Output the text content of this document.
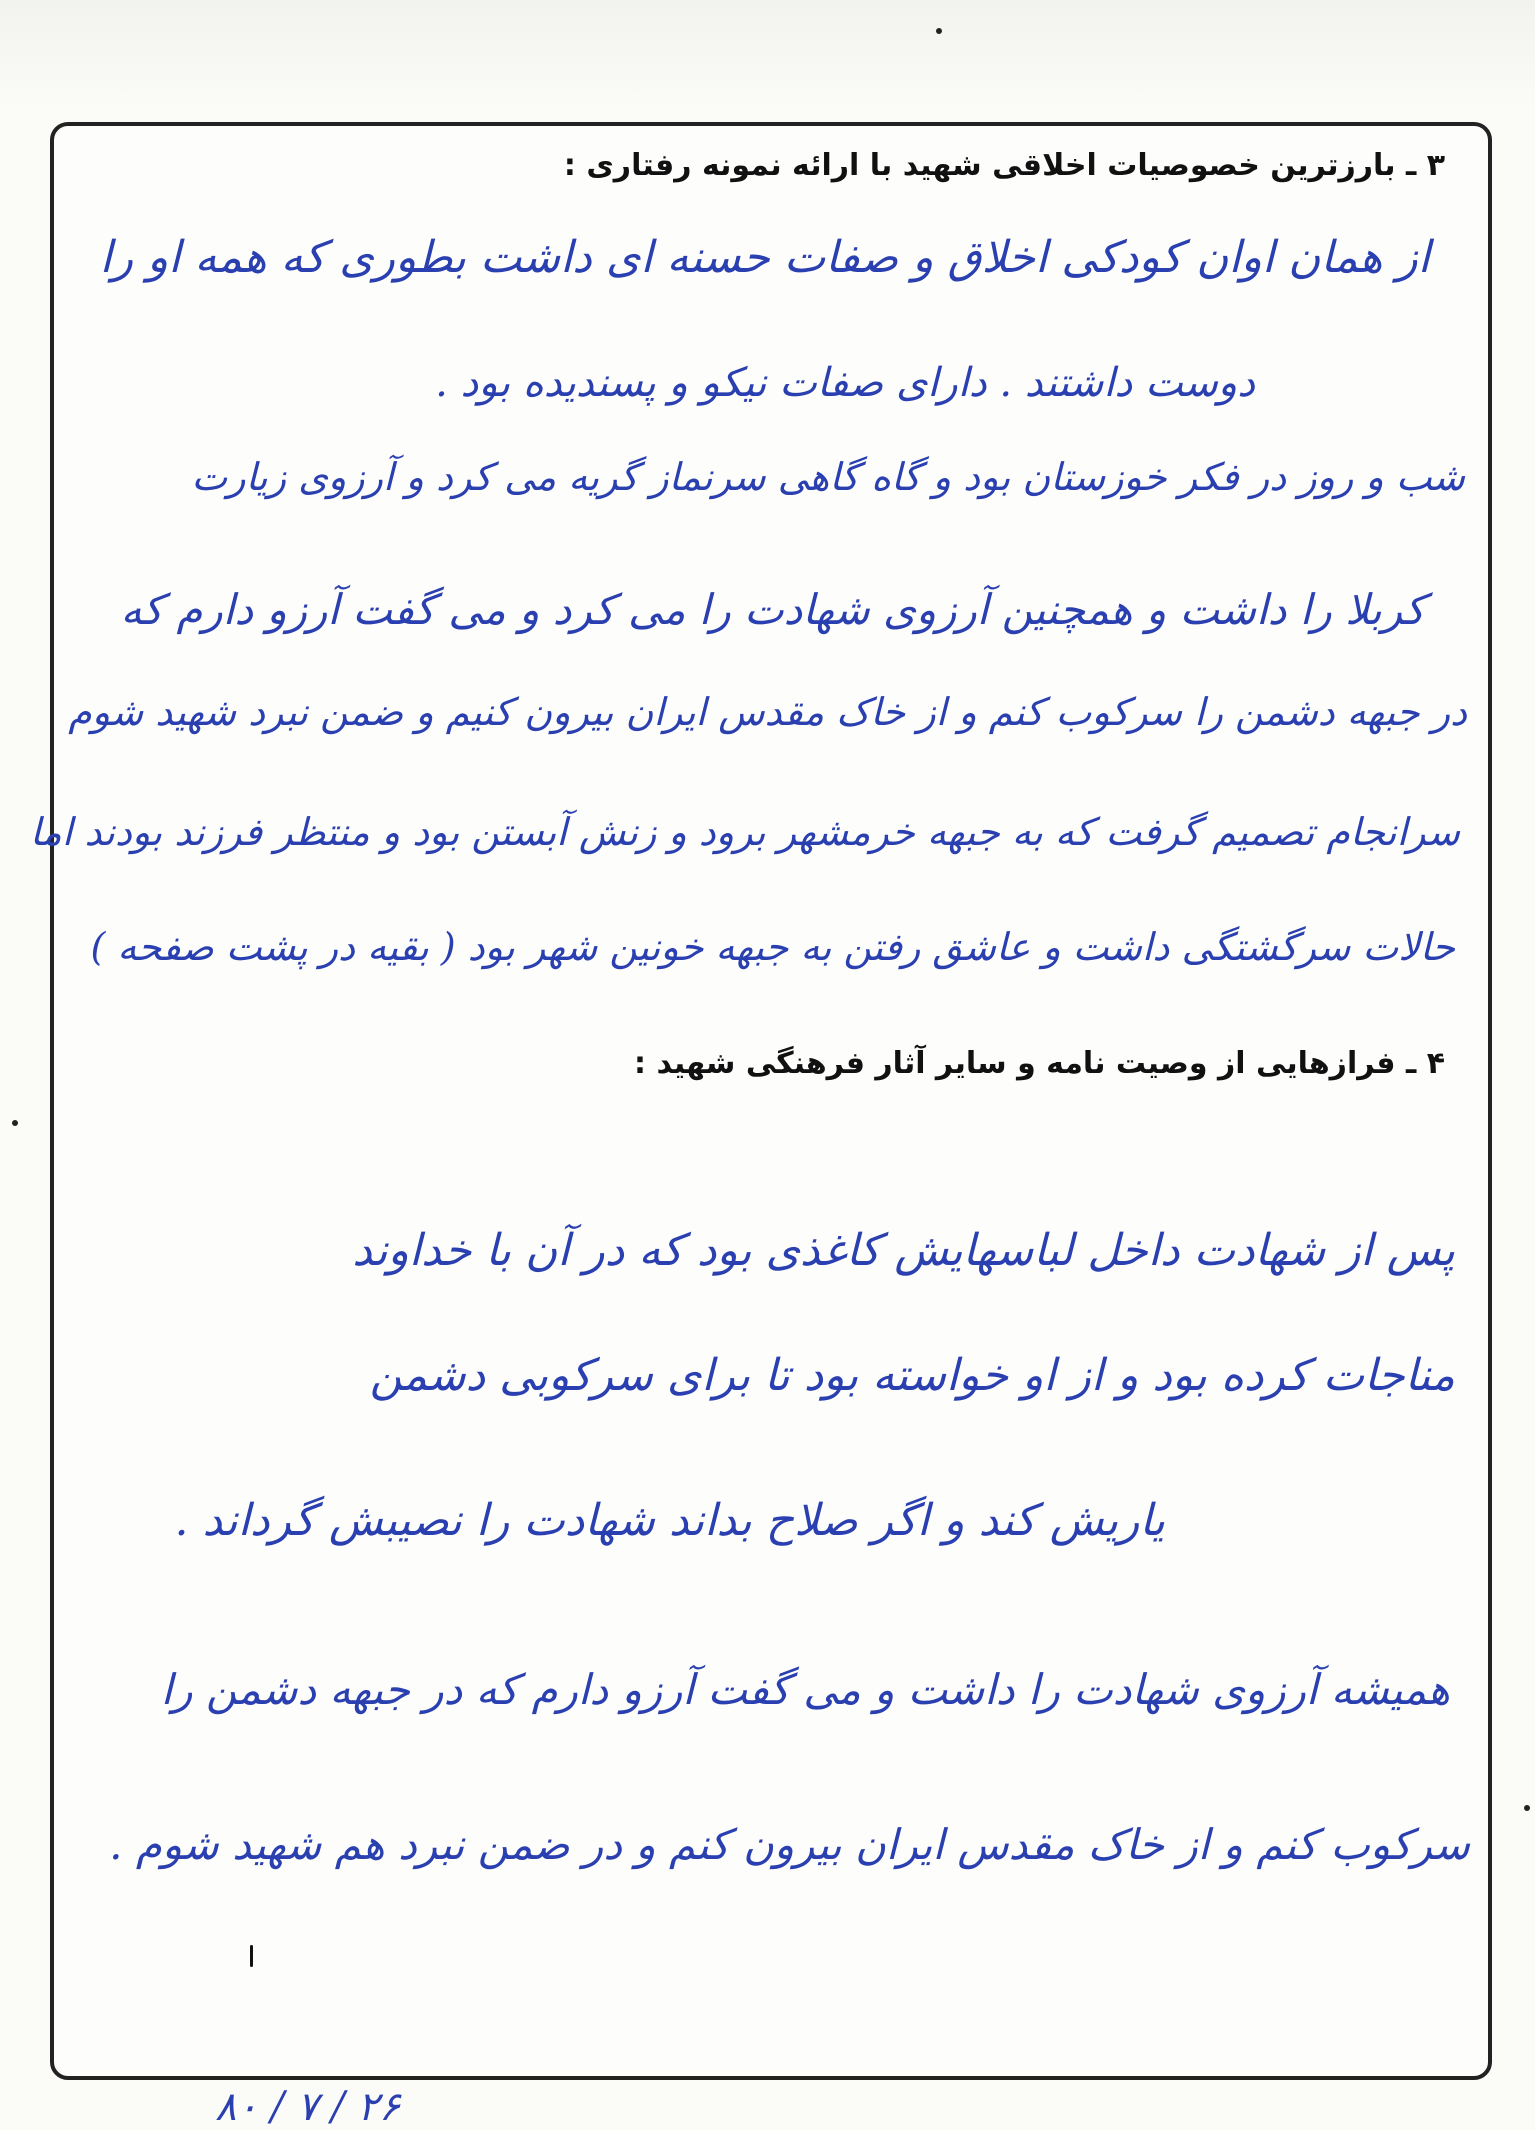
۳ ـ بارزترین خصوصیات اخلاقی شهید با ارائه نمونه رفتاری :
از همان اوان کودکی اخلاق و صفات حسنه ای داشت بطوری که همه او را
دوست داشتند . دارای صفات نیکو و پسندیده بود .
شب و روز در فکر خوزستان بود و گاه گاهی سرنماز گریه می کرد و آرزوی زیارت
کربلا را داشت و همچنین آرزوی شهادت را می کرد و می گفت آرزو دارم که
در جبهه دشمن را سرکوب کنم و از خاک مقدس ایران بیرون کنیم و ضمن نبرد شهید شوم
سرانجام تصمیم گرفت که به جبهه خرمشهر برود و زنش آبستن بود و منتظر فرزند بودند اما
حالات سرگشتگی داشت و عاشق رفتن به جبهه خونین شهر بود ( بقیه در پشت صفحه )
۴ ـ فرازهایی از وصیت نامه و سایر آثار فرهنگی شهید :
پس از شهادت داخل لباسهایش کاغذی بود که در آن با خداوند
مناجات کرده بود و از او خواسته بود تا برای سرکوبی دشمن
یاریش کند و اگر صلاح بداند شهادت را نصیبش گرداند .
همیشه آرزوی شهادت را داشت و می گفت آرزو دارم که در جبهه دشمن را
سرکوب کنم و از خاک مقدس ایران بیرون کنم و در ضمن نبرد هم شهید شوم .
۲۶ / ۷ / ۸۰
